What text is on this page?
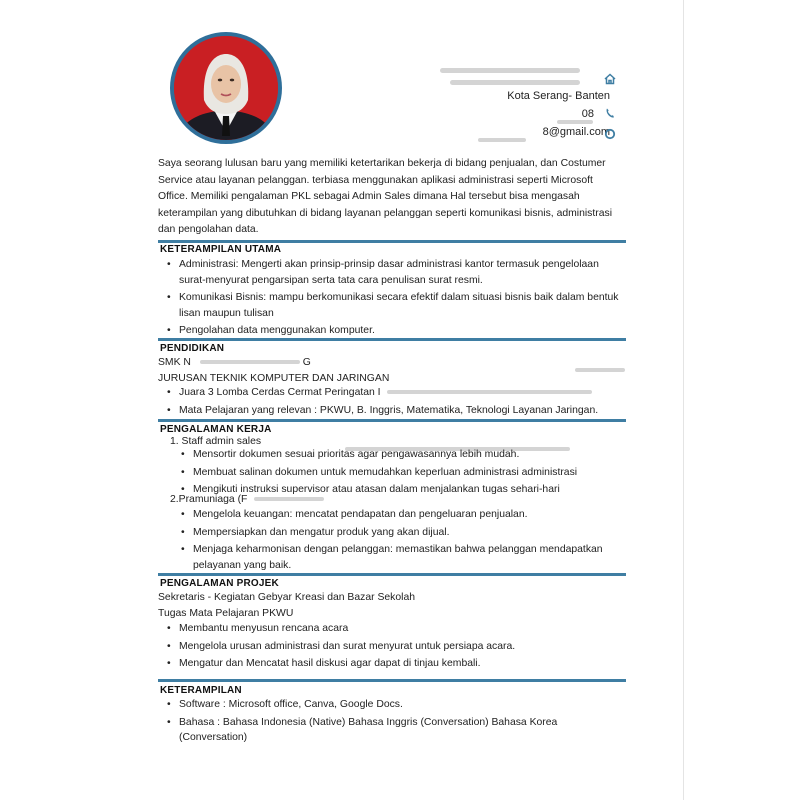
Kota Serang- Banten
08
8@gmail.com
Saya seorang lulusan baru yang memiliki ketertarikan bekerja di bidang penjualan, dan Costumer Service atau layanan pelanggan. terbiasa menggunakan aplikasi administrasi seperti Microsoft Office. Memiliki pengalaman PKL sebagai Admin Sales dimana Hal tersebut bisa mengasah keterampilan yang dibutuhkan di bidang layanan pelanggan seperti komunikasi bisnis, administrasi dan pengolahan data.
KETERAMPILAN UTAMA
• Administrasi: Mengerti akan prinsip-prinsip dasar administrasi kantor termasuk pengelolaan surat-menyurat pengarsipan serta tata cara penulisan surat resmi.
• Komunikasi Bisnis: mampu berkomunikasi secara efektif dalam situasi bisnis baik dalam bentuk lisan maupun tulisan
• Pengolahan data menggunakan komputer.
PENDIDIKAN
SMK N	G
JURUSAN TEKNIK KOMPUTER DAN JARINGAN
• Juara 3 Lomba Cerdas Cermat Peringatan I
• Mata Pelajaran yang relevan : PKWU, B. Inggris, Matematika, Teknologi Layanan Jaringan.
PENGALAMAN KERJA
1. Staff admin sales
• Mensortir dokumen sesuai prioritas agar pengawasannya lebih mudah.
• Membuat salinan dokumen untuk memudahkan keperluan administrasi administrasi
• Mengikuti instruksi supervisor atau atasan dalam menjalankan tugas sehari-hari
2.Pramuniaga (F
• Mengelola keuangan: mencatat pendapatan dan pengeluaran penjualan.
• Mempersiapkan dan mengatur produk yang akan dijual.
• Menjaga keharmonisan dengan pelanggan: memastikan bahwa pelanggan mendapatkan pelayanan yang baik.
PENGALAMAN PROJEK
Sekretaris - Kegiatan Gebyar Kreasi dan Bazar Sekolah
Tugas Mata Pelajaran PKWU
• Membantu menyusun rencana acara
• Mengelola urusan administrasi dan surat menyurat untuk persiapa acara.
• Mengatur dan Mencatat hasil diskusi agar dapat di tinjau kembali.
KETERAMPILAN
• Software : Microsoft office, Canva, Google Docs.
• Bahasa : Bahasa Indonesia (Native) Bahasa Inggris (Conversation) Bahasa Korea (Conversation)
